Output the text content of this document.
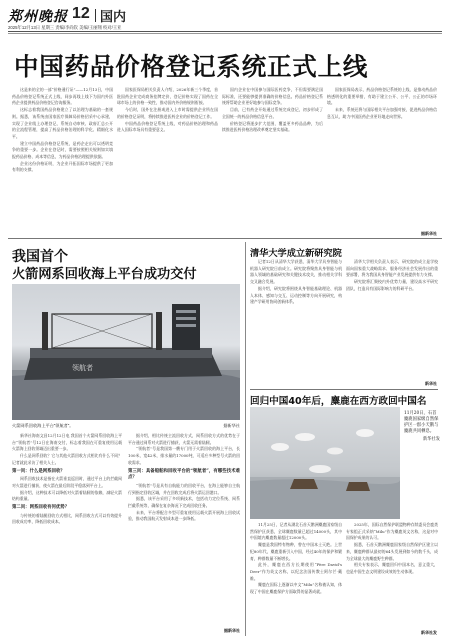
郑州晚报 12 国内
2025年12月13日 星期三 责编/李尚钦 美编/王丽翔 校对/王亚
中国药品价格登记系统正式上线

这是来的全的一部“价格通行证”——12月13日，中国药品价格登记系统正式上线，同步再线上线下为国内外医药企业提供药品价格登记咨询服务。

这标志着我国药品价格建立了以治理为基础的一套规则。据悉，该系统由国家医疗保障局价格招采中心承建，实现了企业线上办理登记、系统自动审核、政府汇总公开的全流程管理，提高了药品价格治理的科学化、精细化水平。

建立中国药品价格登记系统，是药企走出可以透明竞争的重要一步。企业在登记时，需要按照相关规则如实填报药品价格、成本等信息，为药品价格治理提供依据。

企业这份价格证明，为企业开拓国际市场提供了更加有利的支撑。

国家医保局相关负责人介绍，2026年新三个季度，首批国药企业完成商务挂牌定价，登记价格实现了国药在全球市场上的价格一致性，推动国内外价格规则衔接。

今后时，国外在注册或进入上市时需提供企业所在国的价格登记证明，将持续推进医药企业的价格登记工作。

中国药品价格登记系统上线，对药品价格治理和药品进入国际市场具有重要意义。

国内企业在中国参与国际医药竞争，不但需要满足国际标准，还要能够提供准确的价格信息。药品价格登记系统将帮助企业更好地参与国际竞争。

目前，已有药企开始通过系统完成登记，初步形成了全国统一的药品价格信息平台。

价格登记将逐步扩大范围，覆盖更多药品品种，为后续推进医药价格治理改革奠定坚实基础。

国家医保局表示，药品价格登记系统的上线，是推动药品价格透明化的重要举措，有助于建立公开、公平、公正的市场环境。

未来，系统还将与国际相关平台加强对接，促进药品价格信息互认，助力中国医药企业更好地走向世界。

据新华社
我国首个
火箭网系回收海上平台成功交付
领航者
火箭网系回收海上平台“领航者”。	据新华社

新华社海南文昌12月12日电 我国首个火箭网系回收海上平台“领航者”号12日在海南交付，标志着我国在可重复使用运载火箭海上回收领域迈出重要一步。

什么是网系回收？它与其他火箭回收方式相比有什么不同？记者就此采访了相关人士。

第一问：什么是网系回收？

网系回收技术是指在火箭垂直返回时，通过平台上的拦截网对火箭进行捕获，使火箭在最后阶段平稳落到平台上。

据介绍，这种技术可以降低对火箭着陆腿的依赖，减轻火箭结构重量。

第二问：网系回收有何优势？

与传统的着陆腿回收方式相比，网系回收方式可以有效提升回收成功率，降低回收成本。

据介绍，相比传统主流回收方式，网系回收方式的优势在于平台通过网系对火箭进行捕获，火箭无需着陆腿。

“领航者”号是我国第一艘专门用于火箭回收的海上平台，长100米，宽42米，排水量约17000吨，可适应多种型号火箭的回收需求。

第三问：具备船舶和回收平台的“领航者”，有哪些技术难点？

“领航者”号是具有自航能力的回收平台，在海上能够自主航行到指定回收区域，并在回收完成后将火箭运回港口。

据悉，该平台采用了多项新技术，包括动力定位系统、网系拦截系统等，确保在复杂海况下完成回收任务。

未来，平台将配合多型可重复使用运载火箭开展海上回收试验，推动我国航天发射成本进一步降低。

据新华社
清华大学成立新研究院

记者12日从清华大学获悉，清华大学具身智能与机器人研究院日前成立。研究院将聚焦具身智能与机器人领域的基础研究和关键技术攻关，推动相关学科交叉融合发展。

据介绍，研究院将围绕具身智能基础理论、机器人本体、感知与交互、运动控制等方向开展研究，构建产学研用协同创新体系。

清华大学相关负责人表示，研究院的成立是学校面向国家重大战略需求、服务经济社会发展作出的重要部署，将为我国具身智能产业发展提供有力支撑。

研究院将汇聚校内外优势力量，建设高水平研究团队，打造具有国际影响力的科研平台。

新华社
回归中国40年后，麋鹿在西方政回中国名
11月20日，石首麋鹿国家级自然保护区一群小天鹅与麋鹿共同栖息。
新华社发

11月25日，记者从湖北石首天鹅洲麋鹿国家级自然保护区获悉，全球麋鹿数量已超过14000头，其中中国境内麋鹿数量超过12000头。

麋鹿是我国特有物种，曾在中国本土灭绝。上世纪80年代，麋鹿重新引入中国，经过40年的保护和繁育，种群数量不断增长。

此外，麋鹿在西方长期使用“Père David's Deer”作为英文名称，以纪念法国传教士阿尔芒·戴维。

麋鹿在国际上逐渐以中文“Milu”名称被认知，体现了中国在麋鹿保护方面取得的显著成就。

2025年，国际自然保护联盟物种存续委员会鹿类专家组正式采纳“Milu”作为麋鹿英文名称，这是对中国保护成果的认可。

据悉，石首天鹅洲麋鹿国家级自然保护区建立以来，麋鹿种群从最初的64头发展到如今的数千头，成为全球最大的麋鹿野生种群。

相关专家表示，麋鹿回归中国本名，意义重大，也是中国生态文明建设成效的生动体现。

新华社发
